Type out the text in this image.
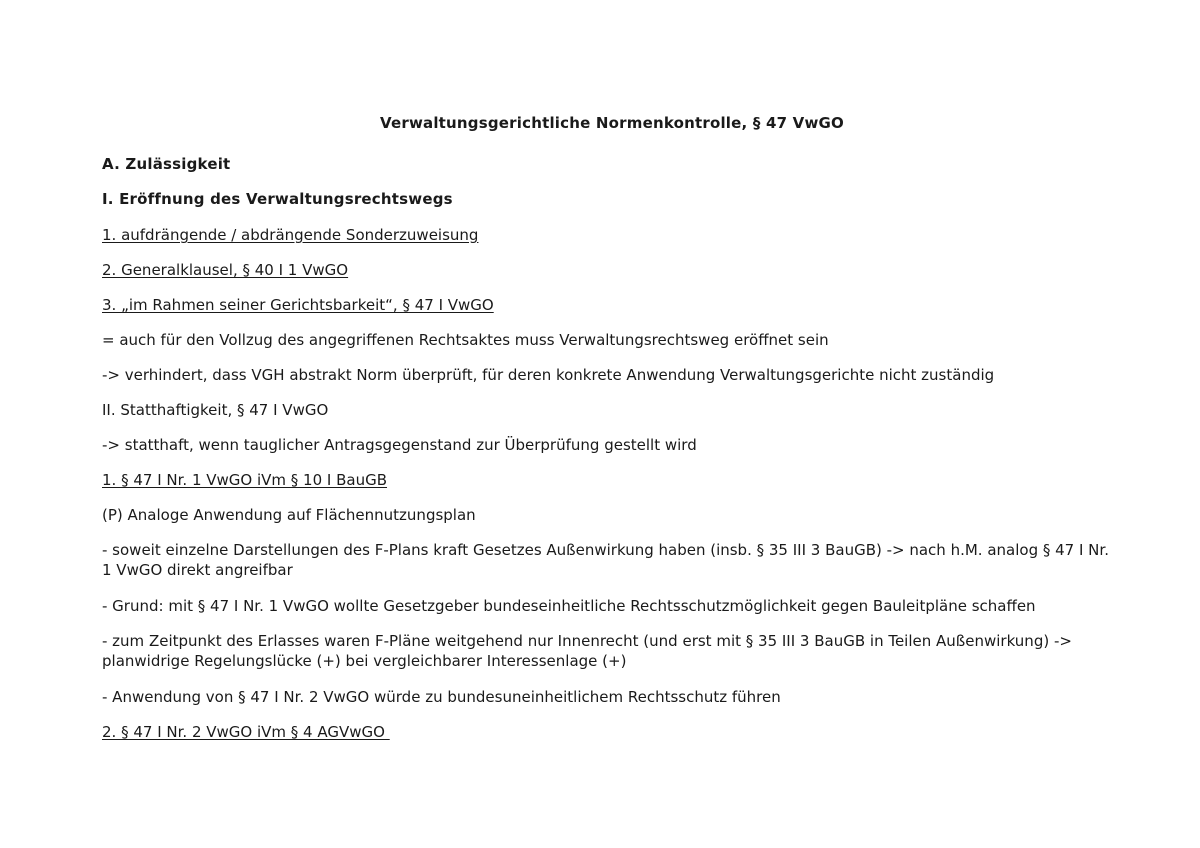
Verwaltungsgerichtliche Normenkontrolle, § 47 VwGO
A. Zulässigkeit
I. Eröffnung des Verwaltungsrechtswegs
1. aufdrängende / abdrängende Sonderzuweisung
2. Generalklausel, § 40 I 1 VwGO
3. „im Rahmen seiner Gerichtsbarkeit“, § 47 I VwGO
= auch für den Vollzug des angegriffenen Rechtsaktes muss Verwaltungsrechtsweg eröffnet sein
-> verhindert, dass VGH abstrakt Norm überprüft, für deren konkrete Anwendung Verwaltungsgerichte nicht zuständig
II. Statthaftigkeit, § 47 I VwGO
-> statthaft, wenn tauglicher Antragsgegenstand zur Überprüfung gestellt wird
1. § 47 I Nr. 1 VwGO iVm § 10 I BauGB
(P) Analoge Anwendung auf Flächennutzungsplan
- soweit einzelne Darstellungen des F-Plans kraft Gesetzes Außenwirkung haben (insb. § 35 III 3 BauGB) -> nach h.M. analog § 47 I Nr. 1 VwGO direkt angreifbar
- Grund: mit § 47 I Nr. 1 VwGO wollte Gesetzgeber bundeseinheitliche Rechtsschutzmöglichkeit gegen Bauleitpläne schaffen
- zum Zeitpunkt des Erlasses waren F-Pläne weitgehend nur Innenrecht (und erst mit § 35 III 3 BauGB in Teilen Außenwirkung) -> planwidrige Regelungslücke (+) bei vergleichbarer Interessenlage (+)
- Anwendung von § 47 I Nr. 2 VwGO würde zu bundesuneinheitlichem Rechtsschutz führen
2. § 47 I Nr. 2 VwGO iVm § 4 AGVwGO
